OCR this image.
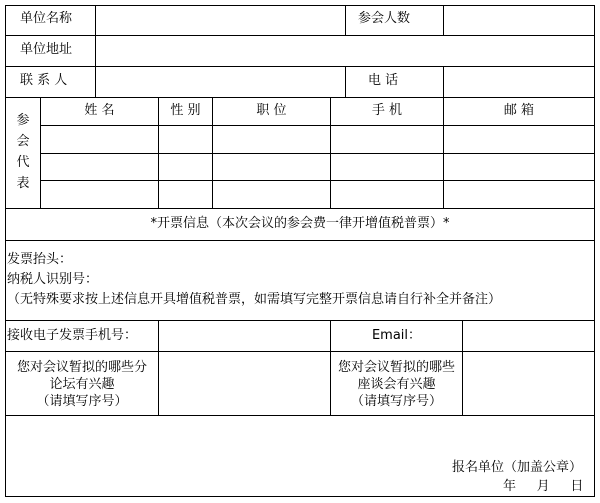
单位名称	参会人数
单位地址
联 系 人	电 话
参会代表
姓 名	性 别	职 位	手 机	邮 箱
*开票信息（本次会议的参会费一律开增值税普票）*
发票抬头：
纳税人识别号：
（无特殊要求按上述信息开具增值税普票，如需填写完整开票信息请自行补全并备注）
接收电子发票手机号：	Email：
您对会议暂拟的哪些分
论坛有兴趣
（请填写序号）
您对会议暂拟的哪些
座谈会有兴趣
（请填写序号）
报名单位（加盖公章）
年     月     日
